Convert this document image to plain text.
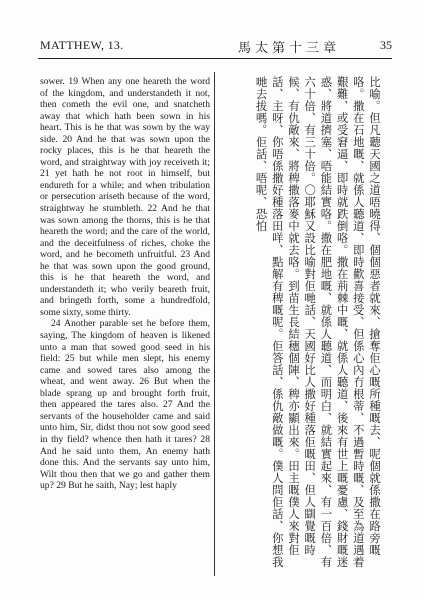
MATTHEW, 13.	馬太第十三章	35

sower. 19 When any one heareth the word of the kingdom, and understandeth it not, then cometh the evil one, and snatcheth away that which hath been sown in his heart. This is he that was sown by the way side. 20 And he that was sown upon the rocky places, this is he that heareth the word, and straightway with joy receiveth it; 21 yet hath he not root in himself, but endureth for a while; and when tribulation or persecution ariseth because of the word, straightway he stumbleth. 22 And he that was sown among the thorns, this is he that heareth the word; and the care of the world, and the deceitfulness of riches, choke the word, and he becometh unfruitful. 23 And he that was sown upon the good ground, this is he that heareth the word, and understandeth it; who verily beareth fruit, and bringeth forth, some a hundredfold, some sixty, some thirty.

24 Another parable set he before them, saying, The kingdom of heaven is likened unto a man that sowed good seed in his field: 25 but while men slept, his enemy came and sowed tares also among the wheat, and went away. 26 But when the blade sprang up and brought forth fruit, then appeared the tares also. 27 And the servants of the householder came and said unto him, Sir, didst thou not sow good seed in thy field? whence then hath it tares? 28 And he said unto them, An enemy hath done this. And the servants say unto him, Wilt thou then that we go and gather them up? 29 But he saith, Nay; lest haply	比喻。但凡聽天國之道唔曉得、個個惡者就來、搶奪佢心嘅所種嘅去、呢個就係撒在路旁嘅咯。撒在石地嘅、就係人聽道、即時歡喜接受、但係心內冇根蒂、不過暫時嘅、及至為道遇着艱難、或受窘逼、即時就跌倒咯。撒在荊棘中嘅、就係人聽道、後來有世上嘅憂慮、錢財嘅迷惑、將道擠塞、唔能結實咯。撒在肥地嘅、就係人聽道、而明白、就結實起來、有一百倍、有六十倍、有三十倍。〇耶穌又設比喻對佢哋話、天國好比人撒好種落佢嘅田、但人瞓覺嘅時候、有仇敵來、將稗撒落麥中就去咯。到苗生長結穗個陣、稗亦顯出來。田主嘅僕人來對佢話、主呀、你唔係撒好種落田咩、點解有稗嘅呢。佢答話、係仇敵做嘅。僕人問佢話、你想我哋去拔嗎。佢話、唔呢、恐怕
